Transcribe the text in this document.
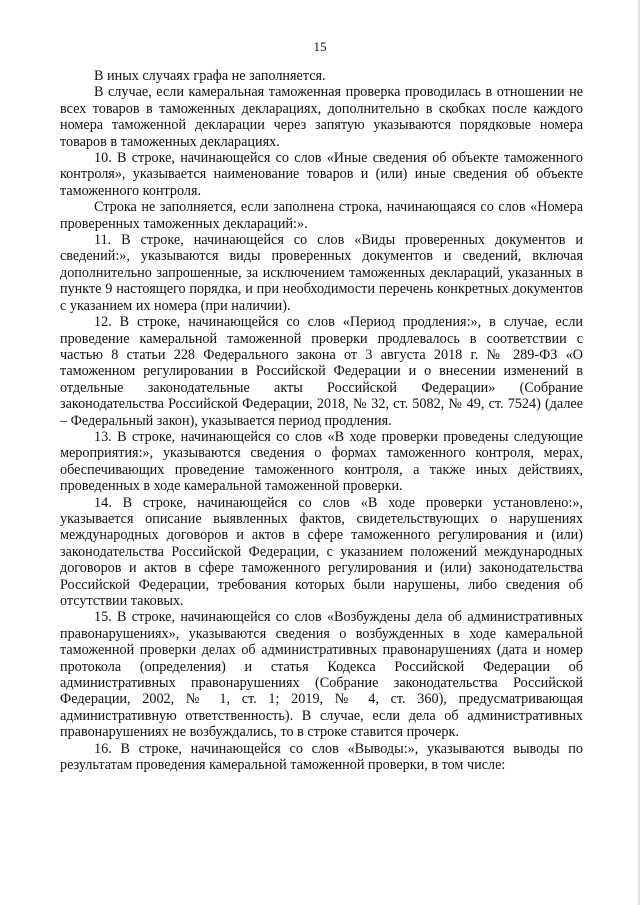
15

В иных случаях графа не заполняется.

В случае, если камеральная таможенная проверка проводилась в отношении не всех товаров в таможенных декларациях, дополнительно в скобках после каждого номера таможенной декларации через запятую указываются порядковые номера товаров в таможенных декларациях.

10. В строке, начинающейся со слов «Иные сведения об объекте таможенного контроля», указывается наименование товаров и (или) иные сведения об объекте таможенного контроля.

Строка не заполняется, если заполнена строка, начинающаяся со слов «Номера проверенных таможенных деклараций:».

11. В строке, начинающейся со слов «Виды проверенных документов и сведений:», указываются виды проверенных документов и сведений, включая дополнительно запрошенные, за исключением таможенных деклараций, указанных в пункте 9 настоящего порядка, и при необходимости перечень конкретных документов с указанием их номера (при наличии).

12. В строке, начинающейся со слов «Период продления:», в случае, если проведение камеральной таможенной проверки продлевалось в соответствии с частью 8 статьи 228 Федерального закона от 3 августа 2018 г. № 289-ФЗ «О таможенном регулировании в Российской Федерации и о внесении изменений в отдельные законодательные акты Российской Федерации» (Собрание законодательства Российской Федерации, 2018, № 32, ст. 5082, № 49, ст. 7524) (далее – Федеральный закон), указывается период продления.

13. В строке, начинающейся со слов «В ходе проверки проведены следующие мероприятия:», указываются сведения о формах таможенного контроля, мерах, обеспечивающих проведение таможенного контроля, а также иных действиях, проведенных в ходе камеральной таможенной проверки.

14. В строке, начинающейся со слов «В ходе проверки установлено:», указывается описание выявленных фактов, свидетельствующих о нарушениях международных договоров и актов в сфере таможенного регулирования и (или) законодательства Российской Федерации, с указанием положений международных договоров и актов в сфере таможенного регулирования и (или) законодательства Российской Федерации, требования которых были нарушены, либо сведения об отсутствии таковых.

15. В строке, начинающейся со слов «Возбуждены дела об административных правонарушениях», указываются сведения о возбужденных в ходе камеральной таможенной проверки делах об административных правонарушениях (дата и номер протокола (определения) и статья Кодекса Российской Федерации об административных правонарушениях (Собрание законодательства Российской Федерации, 2002, № 1, ст. 1; 2019, № 4, ст. 360), предусматривающая административную ответственность). В случае, если дела об административных правонарушениях не возбуждались, то в строке ставится прочерк.

16. В строке, начинающейся со слов «Выводы:», указываются выводы по результатам проведения камеральной таможенной проверки, в том числе:
